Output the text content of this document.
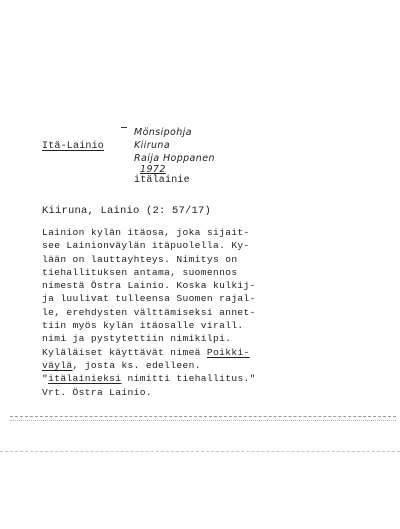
Itä-Lainio
Mönsipohja
Kiiruna
Raija Hoppanen
1972
itälainie
Kiiruna, Lainio (2: 57/17)
Lainion kylän itäosa, joka sijait-
see Lainionväylän itäpuolella. Ky-
lään on lauttayhteys. Nimitys on
tiehallituksen antama, suomennos
nimestä Östra Lainio. Koska kulkij-
ja luulivat tulleensa Suomen rajal-
le, erehdysten välttämiseksi annet-
tiin myös kylän itäosalle virall.
nimi ja pystytettiin nimikilpi.
Kyläläiset käyttävät nimeä Poikki-
väylä, josta ks. edelleen.
"itälainieksi nimitti tiehallitus."
Vrt. Östra Lainio.
